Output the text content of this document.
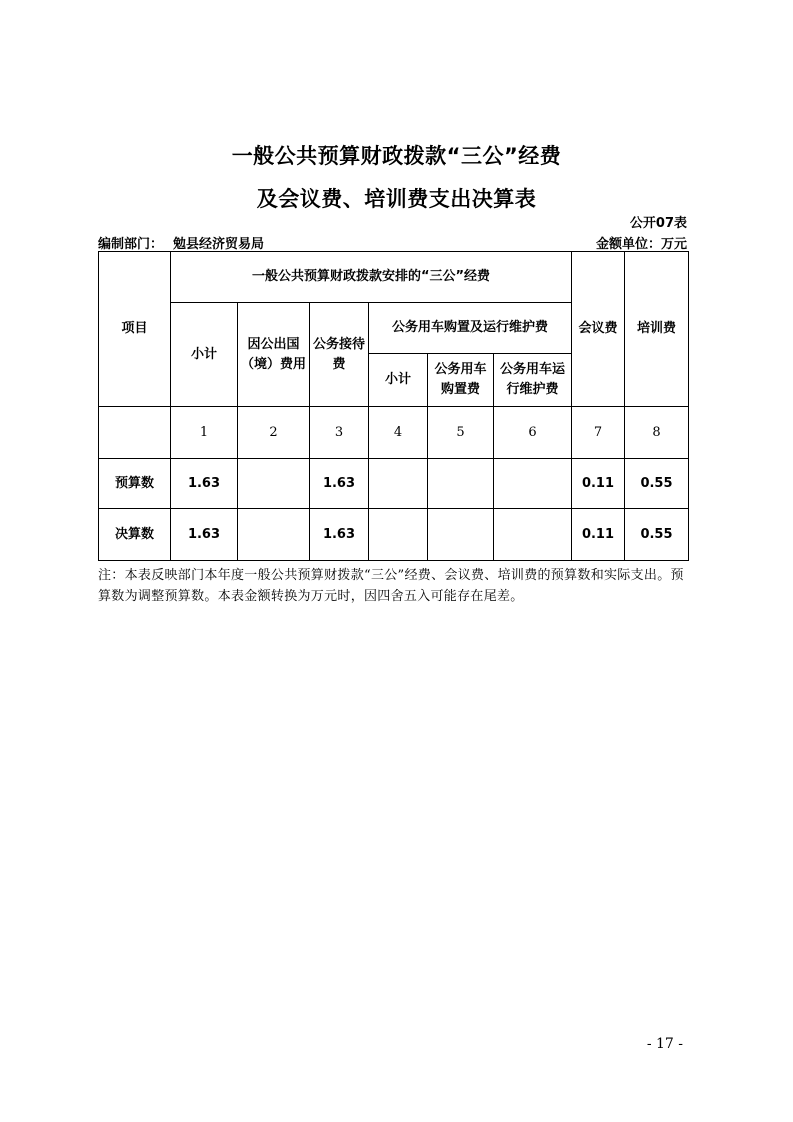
一般公共预算财政拨款“三公”经费
及会议费、培训费支出决算表
公开07表
编制部门： 勉县经济贸易局	金额单位：万元
项目	一般公共预算财政拨款安排的“三公”经费						会议费	培训费
	小计	因公出国（境）费用	公务接待费	公务用车购置及运行维护费				
				小计	公务用车购置费	公务用车运行维护费		
	1	2	3	4	5	6	7	8
预算数	1.63		1.63				0.11	0.55
决算数	1.63		1.63				0.11	0.55
注：本表反映部门本年度一般公共预算财拨款“三公”经费、会议费、培训费的预算数和实际支出。预算数为调整预算数。本表金额转换为万元时，因四舍五入可能存在尾差。
- 17 -
